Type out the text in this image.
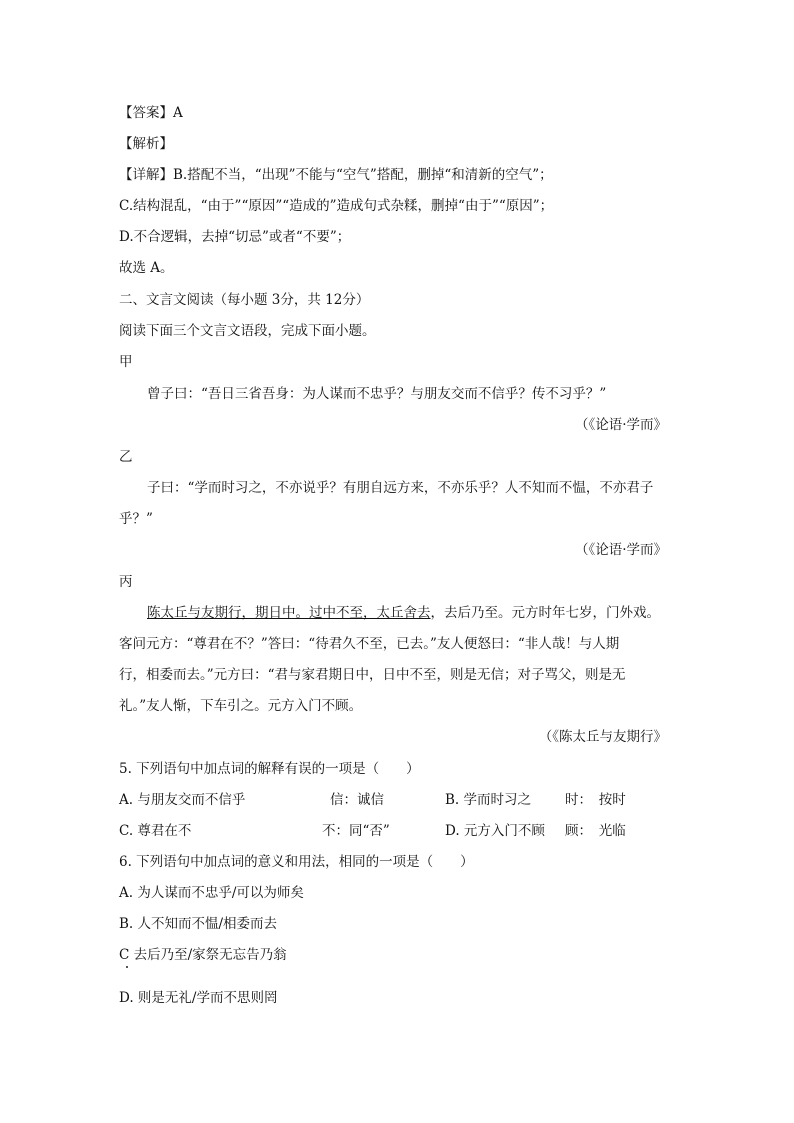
【答案】A
【解析】
【详解】B.搭配不当，“出现”不能与“空气”搭配，删掉“和清新的空气”；
C.结构混乱，“由于”“原因”“造成的”造成句式杂糅，删掉“由于”“原因”；
D.不合逻辑，去掉“切忌”或者“不要”；
故选 A。
二、文言文阅读（每小题 3分，共 12分）
阅读下面三个文言文语段，完成下面小题。
甲
曾子曰：“吾日三省吾身：为人谋而不忠乎？与朋友交而不信乎？传不习乎？”
（《论语·学而》
乙
子曰：“学而时习之，不亦说乎？有朋自远方来，不亦乐乎？人不知而不愠，不亦君子
乎？”
（《论语·学而》
丙
陈太丘与友期行，期日中。过中不至，太丘舍去，去后乃至。元方时年七岁，门外戏。
客问元方：“尊君在不？”答曰：“待君久不至，已去。”友人便怒曰：“非人哉！与人期
行，相委而去。”元方曰：“君与家君期日中，日中不至，则是无信；对子骂父，则是无
礼。”友人惭，下车引之。元方入门不顾。
（《陈太丘与友期行》
5. 下列语句中加点词的解释有误的一项是（　　）
A. 与朋友交而不信乎	信：诚信	B. 学而时习之	时：　按时
C. 尊君在不	不：同“否”	D. 元方入门不顾 顾：　光临
6. 下列语句中加点词的意义和用法，相同的一项是（　　）
A. 为人谋而不忠乎/可以为师矣
B. 人不知而不愠/相委而去
C 去后乃至/家祭无忘告乃翁
D. 则是无礼/学而不思则罔
